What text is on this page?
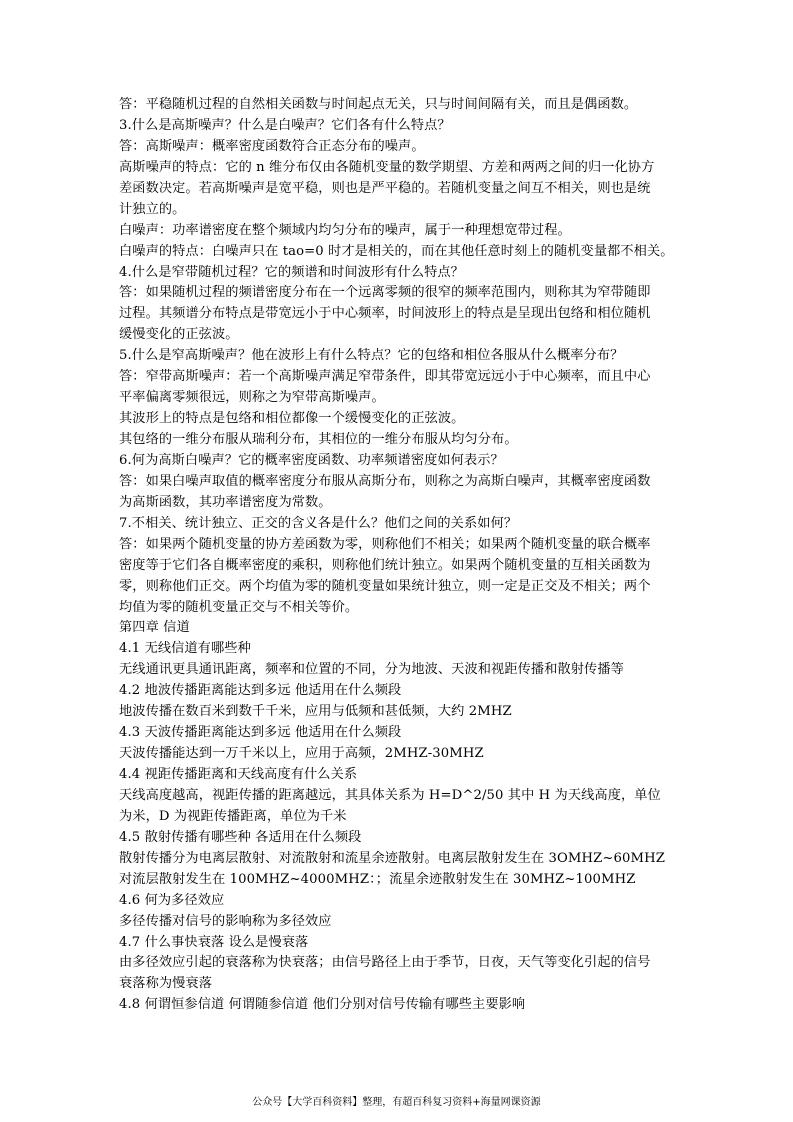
答：平稳随机过程的自然相关函数与时间起点无关，只与时间间隔有关，而且是偶函数。
3.什么是高斯噪声？什么是白噪声？它们各有什么特点？
答：高斯噪声：概率密度函数符合正态分布的噪声。
高斯噪声的特点：它的 n 维分布仅由各随机变量的数学期望、方差和两两之间的归一化协方
差函数决定。若高斯噪声是宽平稳，则也是严平稳的。若随机变量之间互不相关，则也是统
计独立的。
白噪声：功率谱密度在整个频域内均匀分布的噪声，属于一种理想宽带过程。
白噪声的特点：白噪声只在 tao=0 时才是相关的，而在其他任意时刻上的随机变量都不相关。
4.什么是窄带随机过程？它的频谱和时间波形有什么特点？
答：如果随机过程的频谱密度分布在一个远离零频的很窄的频率范围内，则称其为窄带随即
过程。其频谱分布特点是带宽远小于中心频率，时间波形上的特点是呈现出包络和相位随机
缓慢变化的正弦波。
5.什么是窄高斯噪声？他在波形上有什么特点？它的包络和相位各服从什么概率分布？
答：窄带高斯噪声：若一个高斯噪声满足窄带条件，即其带宽远远小于中心频率，而且中心
平率偏离零频很远，则称之为窄带高斯噪声。
其波形上的特点是包络和相位都像一个缓慢变化的正弦波。
其包络的一维分布服从瑞利分布，其相位的一维分布服从均匀分布。
6.何为高斯白噪声？它的概率密度函数、功率频谱密度如何表示？
答：如果白噪声取值的概率密度分布服从高斯分布，则称之为高斯白噪声，其概率密度函数
为高斯函数，其功率谱密度为常数。
7.不相关、统计独立、正交的含义各是什么？他们之间的关系如何？
答：如果两个随机变量的协方差函数为零，则称他们不相关；如果两个随机变量的联合概率
密度等于它们各自概率密度的乘积，则称他们统计独立。如果两个随机变量的互相关函数为
零，则称他们正交。两个均值为零的随机变量如果统计独立，则一定是正交及不相关；两个
均值为零的随机变量正交与不相关等价。
第四章 信道
4.1 无线信道有哪些种
无线通讯更具通讯距离，频率和位置的不同，分为地波、天波和视距传播和散射传播等
4.2 地波传播距离能达到多远 他适用在什么频段
地波传播在数百米到数千千米，应用与低频和甚低频，大约 2MHZ
4.3 天波传播距离能达到多远 他适用在什么频段
天波传播能达到一万千米以上，应用于高频，2MHZ-30MHZ
4.4 视距传播距离和天线高度有什么关系
天线高度越高，视距传播的距离越远，其具体关系为 H=D^2/50 其中 H 为天线高度，单位
为米，D 为视距传播距离，单位为千米
4.5 散射传播有哪些种 各适用在什么频段
散射传播分为电离层散射、对流散射和流星余迹散射。电离层散射发生在 3OMHZ~60MHZ
对流层散射发生在 100MHZ~4000MHZ：；流星余迹散射发生在 30MHZ~100MHZ
4.6 何为多径效应
多径传播对信号的影响称为多径效应
4.7 什么事快衰落 设么是慢衰落
由多径效应引起的衰落称为快衰落；由信号路径上由于季节，日夜，天气等变化引起的信号
衰落称为慢衰落
4.8 何谓恒参信道 何谓随参信道 他们分别对信号传输有哪些主要影响
公众号【大学百科资料】整理，有超百科复习资料+海量网课资源
